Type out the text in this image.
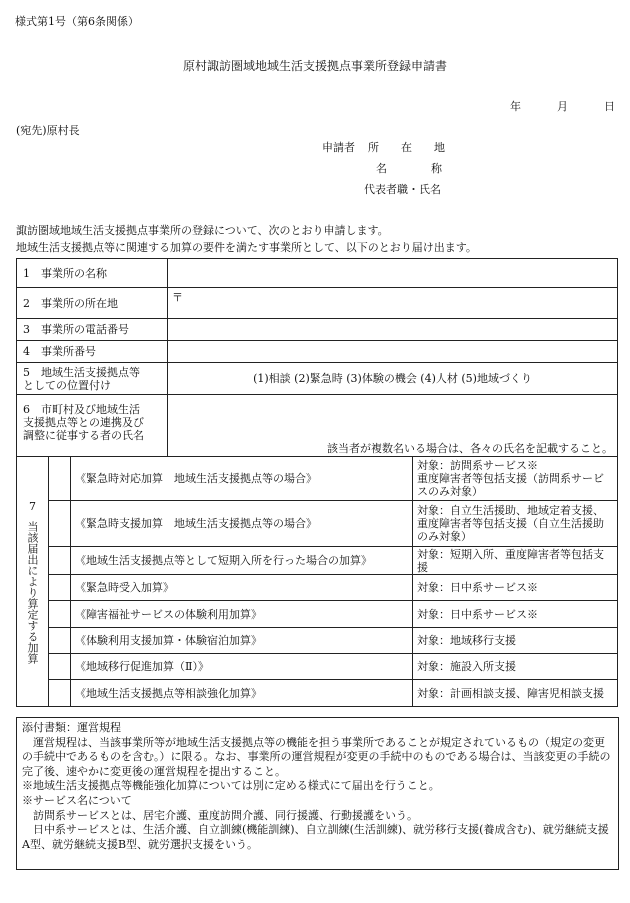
様式第1号（第6条関係）
原村諏訪圏域地域生活支援拠点事業所登録申請書
年	月	日
(宛先)原村長
申請者 所　　在　　地
名　　　　称
代表者職・氏名
諏訪圏域地域生活支援拠点事業所の登録について、次のとおり申請します。
地域生活支援拠点等に関連する加算の要件を満たす事業所として、以下のとおり届け出ます。
1　事業所の名称				
2　事業所の所在地			〒	
3　事業所の電話番号				
4　事業所番号				

5　地域生活支援拠点等
としての位置付け			(1)相談 (2)緊急時 (3)体験の機会 (4)人材 (5)地域づくり	

6　市町村及び地域生活
支援拠点等との連携及び
調整に従事する者の氏名			該当者が複数名いる場合は、各々の氏名を記載すること。	

7
当該届出により算定する加算		《緊急時対応加算　地域生活支援拠点等の場合》		対象：訪問系サービス※
重度障害者等包括支援（訪問系サービスのみ対象）
		《緊急時支援加算　地域生活支援拠点等の場合》		対象：自立生活援助、地域定着支援、重度障害者等包括支援（自立生活援助のみ対象）
		《地域生活支援拠点等として短期入所を行った場合の加算》		対象：短期入所、重度障害者等包括支援
		《緊急時受入加算》		対象：日中系サービス※
		《障害福祉サービスの体験利用加算》		対象：日中系サービス※
		《体験利用支援加算・体験宿泊加算》		対象：地域移行支援
		《地域移行促進加算（Ⅱ）》		対象：施設入所支援
		《地域生活支援拠点等相談強化加算》		対象：計画相談支援、障害児相談支援
添付書類：運営規程
　運営規程は、当該事業所等が地域生活支援拠点等の機能を担う事業所であることが規定されているもの（規定の変更の手続中であるものを含む。）に限る。なお、事業所の運営規程が変更の手続中のものである場合は、当該変更の手続の完了後、速やかに変更後の運営規程を提出すること。
※地域生活支援拠点等機能強化加算については別に定める様式にて届出を行うこと。
※サービス名について
　訪問系サービスとは、居宅介護、重度訪問介護、同行援護、行動援護をいう。
　日中系サービスとは、生活介護、自立訓練(機能訓練)、自立訓練(生活訓練)、就労移行支援(養成含む)、就労継続支援A型、就労継続支援B型、就労選択支援をいう。
